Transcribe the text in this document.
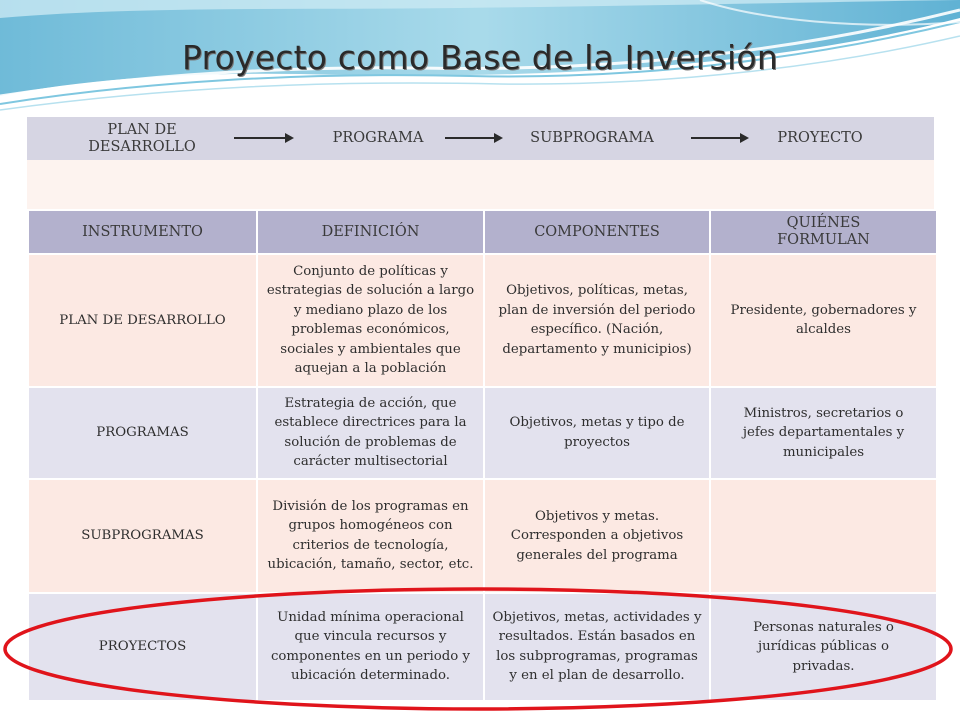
Proyecto como Base de la Inversión
PLAN DE DESARROLLO
PROGRAMA	SUBPROGRAMA	PROYECTO
INSTRUMENTO	DEFINICIÓN	COMPONENTES	QUIÉNES FORMULAN
PLAN DE DESARROLLO	Conjunto de políticas y estrategias de solución a largo y mediano plazo de los problemas económicos, sociales y ambientales que aquejan a la población	Objetivos, políticas, metas, plan de inversión del periodo específico. (Nación, departamento y municipios)	Presidente, gobernadores y alcaldes
PROGRAMAS	Estrategia de acción, que establece directrices para la solución de problemas de carácter multisectorial	Objetivos, metas y tipo de proyectos	Ministros, secretarios o jefes departamentales y municipales
SUBPROGRAMAS	División de los programas en grupos homogéneos con criterios de tecnología, ubicación, tamaño, sector, etc.	Objetivos y metas. Corresponden a objetivos generales del programa	
PROYECTOS	Unidad mínima operacional que vincula recursos y componentes en un periodo y ubicación determinado.	Objetivos, metas, actividades y resultados. Están basados en los subprogramas, programas y en el plan de desarrollo.	Personas naturales o jurídicas públicas o privadas.
